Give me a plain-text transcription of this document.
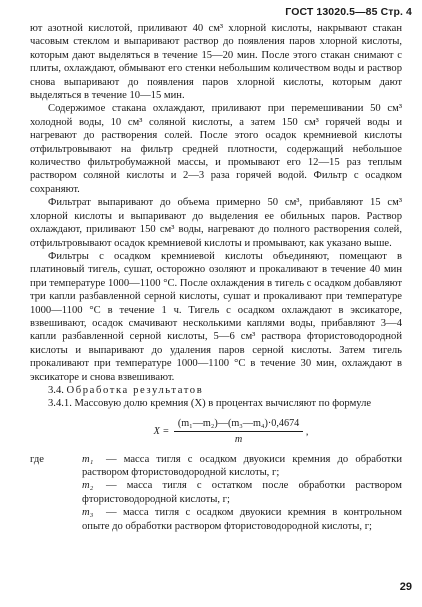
ГОСТ 13020.5—85 Стр. 4

ют азотной кислотой, приливают 40 см³ хлорной кислоты, накрывают стакан часовым стеклом и выпаривают раствор до появления паров хлорной кислоты, которым дают выделяться в течение 15—20 мин. После этого стакан снимают с плиты, охлаждают, обмывают его стенки небольшим количеством воды и раствор снова выпаривают до появления паров хлорной кислоты, которым дают выделяться в течение 10—15 мин.

Содержимое стакана охлаждают, приливают при перемешивании 50 см³ холодной воды, 10 см³ соляной кислоты, а затем 150 см³ горячей воды и нагревают до растворения солей. После этого осадок кремниевой кислоты отфильтровывают на фильтр средней плотности, содержащий небольшое количество фильтробумажной массы, и промывают его 12—15 раз теплым раствором соляной кислоты и 2—3 раза горячей водой. Фильтр с осадком сохраняют.

Фильтрат выпаривают до объема примерно 50 см³, прибавляют 15 см³ хлорной кислоты и выпаривают до выделения ее обильных паров. Раствор охлаждают, приливают 150 см³ воды, нагревают до полного растворения солей, отфильтровывают осадок кремниевой кислоты и промывают, как указано выше.

Фильтры с осадком кремниевой кислоты объединяют, помещают в платиновый тигель, сушат, осторожно озоляют и прокаливают в течение 40 мин при температуре 1000—1100 °С. После охлаждения в тигель с осадком добавляют три капли разбавленной серной кислоты, сушат и прокаливают при температуре 1000—1100 °С в течение 1 ч. Тигель с осадком охлаждают в эксикаторе, взвешивают, осадок смачивают несколькими каплями воды, прибавляют 3—4 капли разбавленной серной кислоты, 5—6 см³ раствора фтористоводородной кислоты и выпаривают до удаления паров серной кислоты. Затем тигель прокаливают при температуре 1000—1100 °С в течение 30 мин, охлаждают в эксикаторе и снова взвешивают.

3.4. Обработка результатов

3.4.1. Массовую долю кремния (X) в процентах вычисляют по формуле

$X = \frac{\text{(m₁—m₂)—(m₃—m₄)·0,4674}}{m}$ ,
где	m₁ — масса тигля с осадком двуокиси кремния до обработки раствором фтористоводородной кислоты, г;
m₂ — масса тигля с остатком после обработки раствором фтористоводородной кислоты, г;
m₃ — масса тигля с осадком двуокиси кремния в контрольном опыте до обработки раствором фтористоводородной кислоты, г;
29
